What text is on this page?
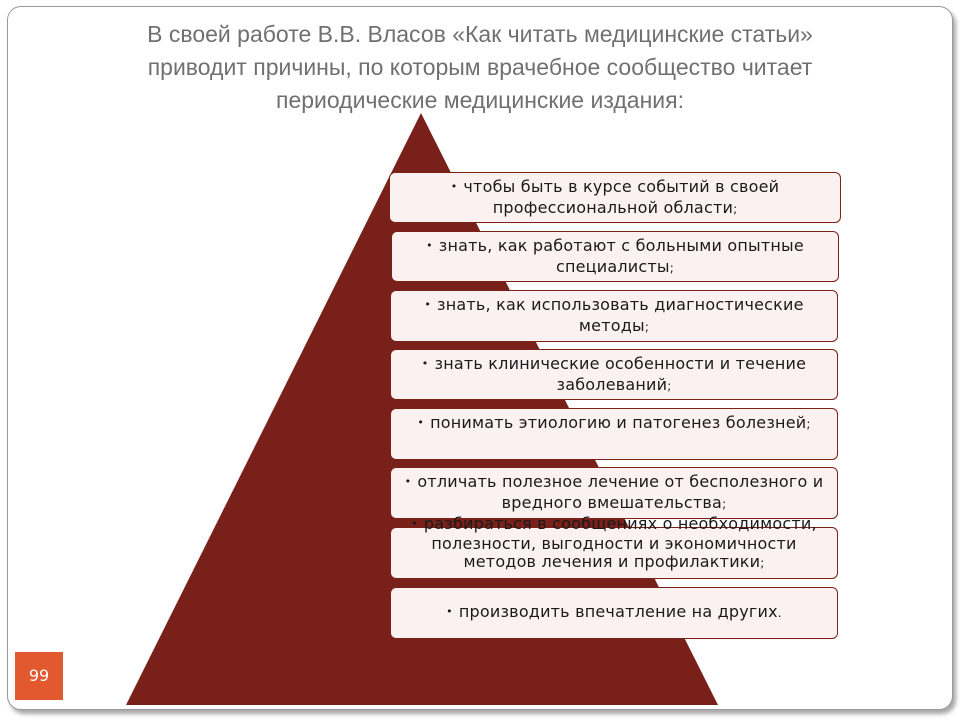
В своей работе В.В. Власов «Как читать медицинские статьи»
приводит причины, по которым врачебное сообщество читает
периодические медицинские издания:
• чтобы быть в курсе событий в своей профессиональной области;
• знать, как работают с больными опытные специалисты;
• знать, как использовать диагностические методы;
• знать клинические особенности и течение заболеваний;
• понимать этиологию и патогенез болезней;
• отличать полезное лечение от бесполезного и вредного вмешательства;
• разбираться в сообщениях о необходимости, полезности, выгодности и экономичности методов лечения и профилактики;
• производить впечатление на других.
99
